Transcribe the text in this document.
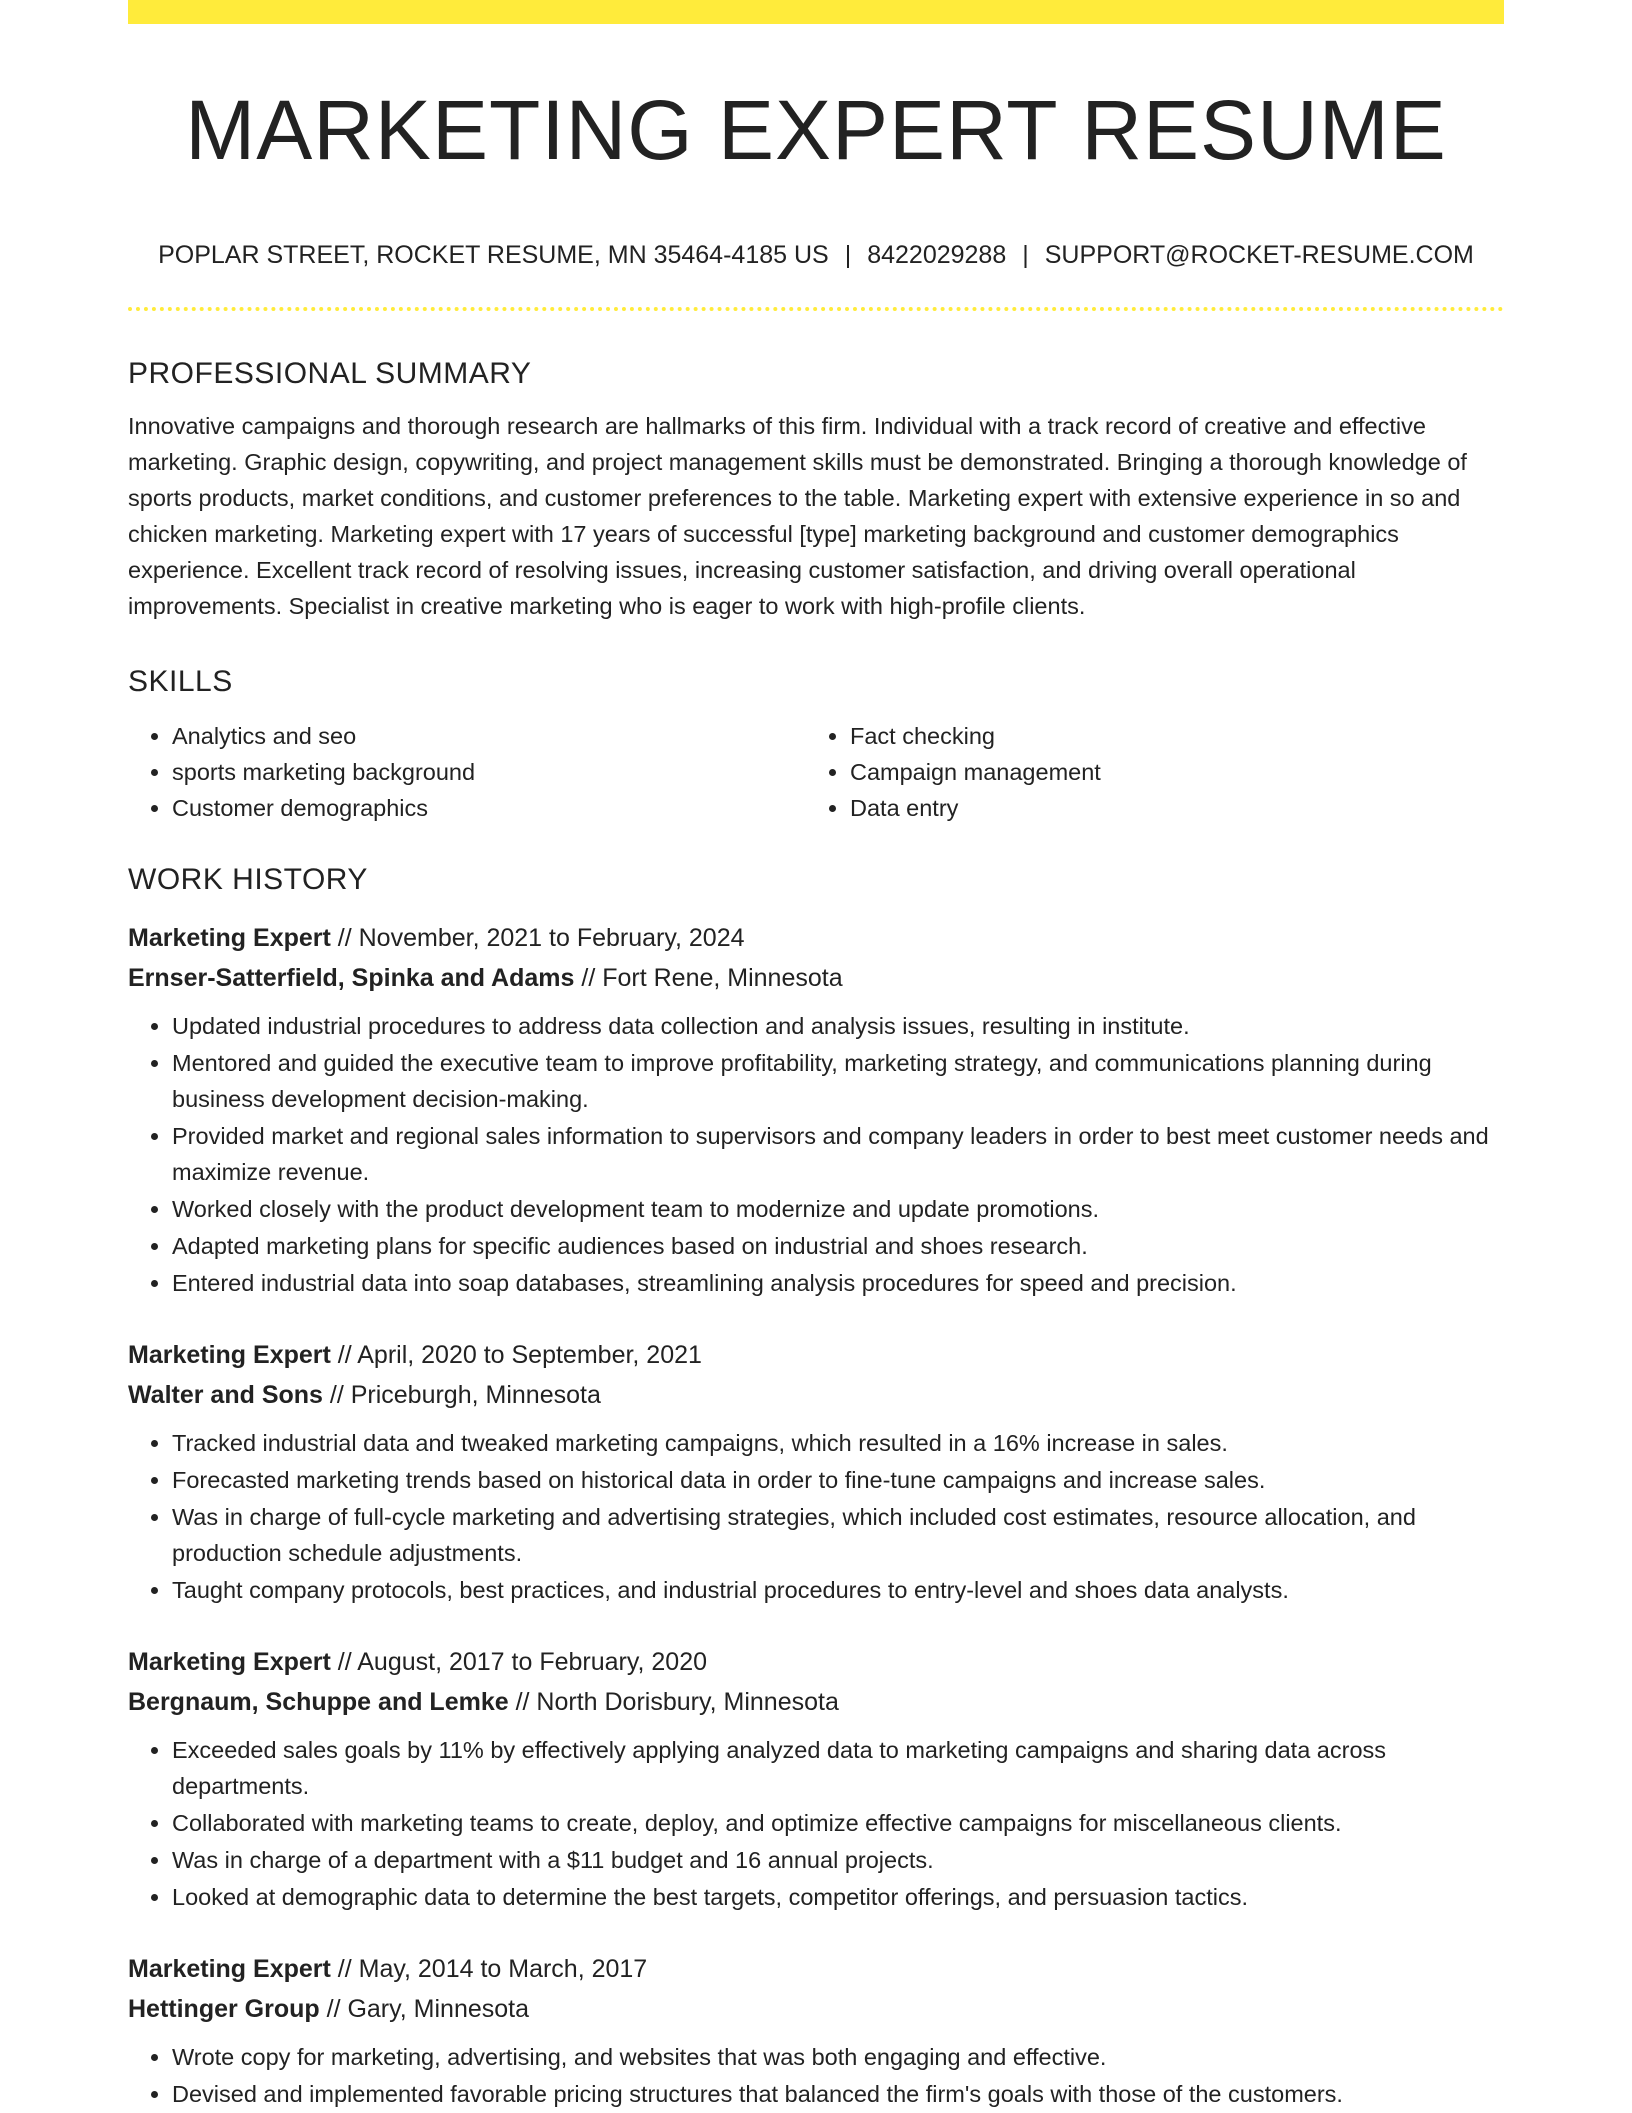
MARKETING EXPERT RESUME
POPLAR STREET, ROCKET RESUME, MN 35464-4185 US | 8422029288 | SUPPORT@ROCKET-RESUME.COM
PROFESSIONAL SUMMARY

Innovative campaigns and thorough research are hallmarks of this firm. Individual with a track record of creative and effective marketing. Graphic design, copywriting, and project management skills must be demonstrated. Bringing a thorough knowledge of sports products, market conditions, and customer preferences to the table. Marketing expert with extensive experience in so and chicken marketing. Marketing expert with 17 years of successful [type] marketing background and customer demographics experience. Excellent track record of resolving issues, increasing customer satisfaction, and driving overall operational improvements. Specialist in creative marketing who is eager to work with high-profile clients.

SKILLS
• Analytics and seo
• sports marketing background
• Customer demographics
• Fact checking
• Campaign management
• Data entry
WORK HISTORY
Marketing Expert // November, 2021 to February, 2024
Ernser-Satterfield, Spinka and Adams // Fort Rene, Minnesota
• Updated industrial procedures to address data collection and analysis issues, resulting in institute.
• Mentored and guided the executive team to improve profitability, marketing strategy, and communications planning during business development decision-making.
• Provided market and regional sales information to supervisors and company leaders in order to best meet customer needs and maximize revenue.
• Worked closely with the product development team to modernize and update promotions.
• Adapted marketing plans for specific audiences based on industrial and shoes research.
• Entered industrial data into soap databases, streamlining analysis procedures for speed and precision.
Marketing Expert // April, 2020 to September, 2021
Walter and Sons // Priceburgh, Minnesota
• Tracked industrial data and tweaked marketing campaigns, which resulted in a 16% increase in sales.
• Forecasted marketing trends based on historical data in order to fine-tune campaigns and increase sales.
• Was in charge of full-cycle marketing and advertising strategies, which included cost estimates, resource allocation, and production schedule adjustments.
• Taught company protocols, best practices, and industrial procedures to entry-level and shoes data analysts.
Marketing Expert // August, 2017 to February, 2020
Bergnaum, Schuppe and Lemke // North Dorisbury, Minnesota
• Exceeded sales goals by 11% by effectively applying analyzed data to marketing campaigns and sharing data across departments.
• Collaborated with marketing teams to create, deploy, and optimize effective campaigns for miscellaneous clients.
• Was in charge of a department with a $11 budget and 16 annual projects.
• Looked at demographic data to determine the best targets, competitor offerings, and persuasion tactics.
Marketing Expert // May, 2014 to March, 2017
Hettinger Group // Gary, Minnesota
• Wrote copy for marketing, advertising, and websites that was both engaging and effective.
• Devised and implemented favorable pricing structures that balanced the firm's goals with those of the customers.
